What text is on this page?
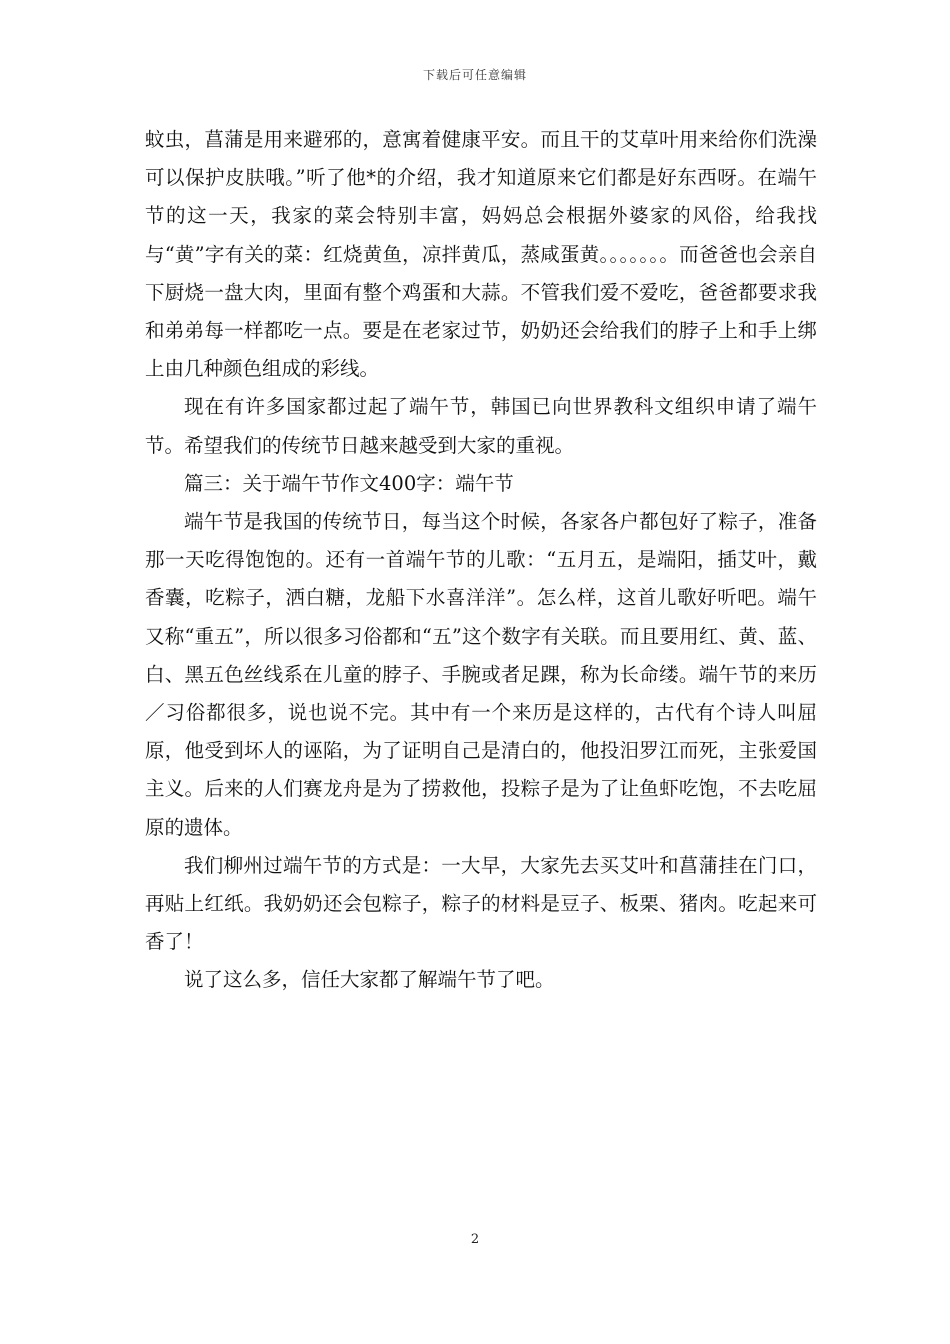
下载后可任意编辑

蚊虫，菖蒲是用来避邪的，意寓着健康平安。而且干的艾草叶用来给你们洗澡可以保护皮肤哦。”听了他*的介绍，我才知道原来它们都是好东西呀。在端午节的这一天，我家的菜会特别丰富，妈妈总会根据外婆家的风俗，给我找与“黄”字有关的菜：红烧黄鱼，凉拌黄瓜，蒸咸蛋黄。。。。。。。而爸爸也会亲自下厨烧一盘大肉，里面有整个鸡蛋和大蒜。不管我们爱不爱吃，爸爸都要求我和弟弟每一样都吃一点。要是在老家过节，奶奶还会给我们的脖子上和手上绑上由几种颜色组成的彩线。

现在有许多国家都过起了端午节，韩国已向世界教科文组织申请了端午节。希望我们的传统节日越来越受到大家的重视。

篇三：关于端午节作文400字：端午节

端午节是我国的传统节日，每当这个时候，各家各户都包好了粽子，准备那一天吃得饱饱的。还有一首端午节的儿歌：“五月五，是端阳，插艾叶，戴香囊，吃粽子，洒白糖，龙船下水喜洋洋”。怎么样，这首儿歌好听吧。端午又称“重五”，所以很多习俗都和“五”这个数字有关联。而且要用红、黄、蓝、白、黑五色丝线系在儿童的脖子、手腕或者足踝，称为长命缕。端午节的来历／习俗都很多，说也说不完。其中有一个来历是这样的，古代有个诗人叫屈原，他受到坏人的诬陷，为了证明自己是清白的，他投汨罗江而死，主张爱国主义。后来的人们赛龙舟是为了捞救他，投粽子是为了让鱼虾吃饱，不去吃屈原的遗体。

我们柳州过端午节的方式是：一大早，大家先去买艾叶和菖蒲挂在门口，再贴上红纸。我奶奶还会包粽子，粽子的材料是豆子、板栗、猪肉。吃起来可香了！

说了这么多，信任大家都了解端午节了吧。

2
